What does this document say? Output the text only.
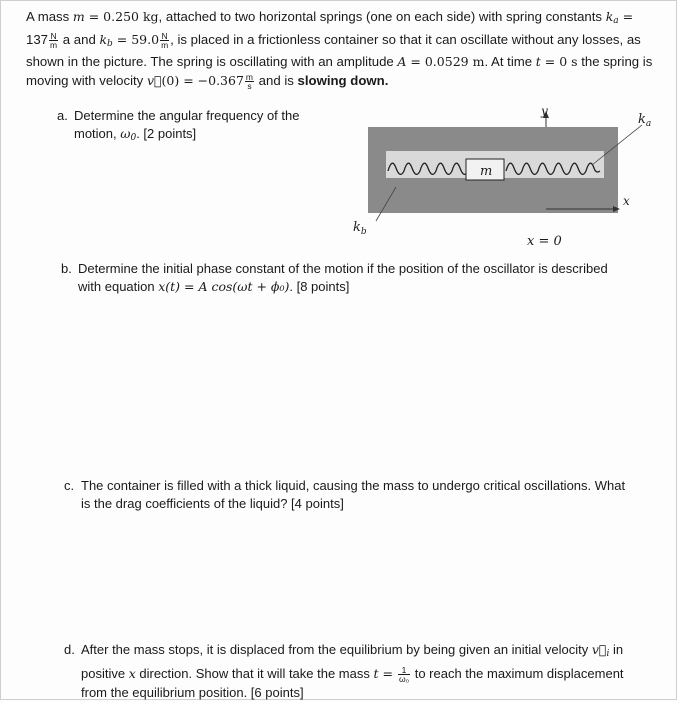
A mass m = 0.250 kg, attached to two horizontal springs (one on each side) with spring constants $k_a$ =
$137 \frac{N}{m}$ a and $k_b = 59.0 \frac{N}{m}$ , is placed in a frictionless container so that it can oscillate without any losses, as shown in the picture. The spring is oscillating with an amplitude A = 0.0529 m. At time t = 0 s the spring is moving with velocity v⃗(0) = $-0.367 \frac{m}{s}$ and is slowing down.
a. Determine the angular frequency of the
motion, $\omega_0$. [2 points]
m
y
x
$k_a$
$k_b$
x = 0
b. Determine the initial phase constant of the motion if the position of the oscillator is described
with equation x(t) = A cos(ωt + ϕ₀). [8 points]
c. The container is filled with a thick liquid, causing the mass to undergo critical oscillations. What
is the drag coefficients of the liquid? [4 points]
d. After the mass stops, it is displaced from the equilibrium by being given an initial velocity $v⃗_i$ in
positive x direction. Show that it will take the mass $t = \frac{1}{\text{ω₀}}$ to reach the maximum displacement
from the equilibrium position. [6 points]
